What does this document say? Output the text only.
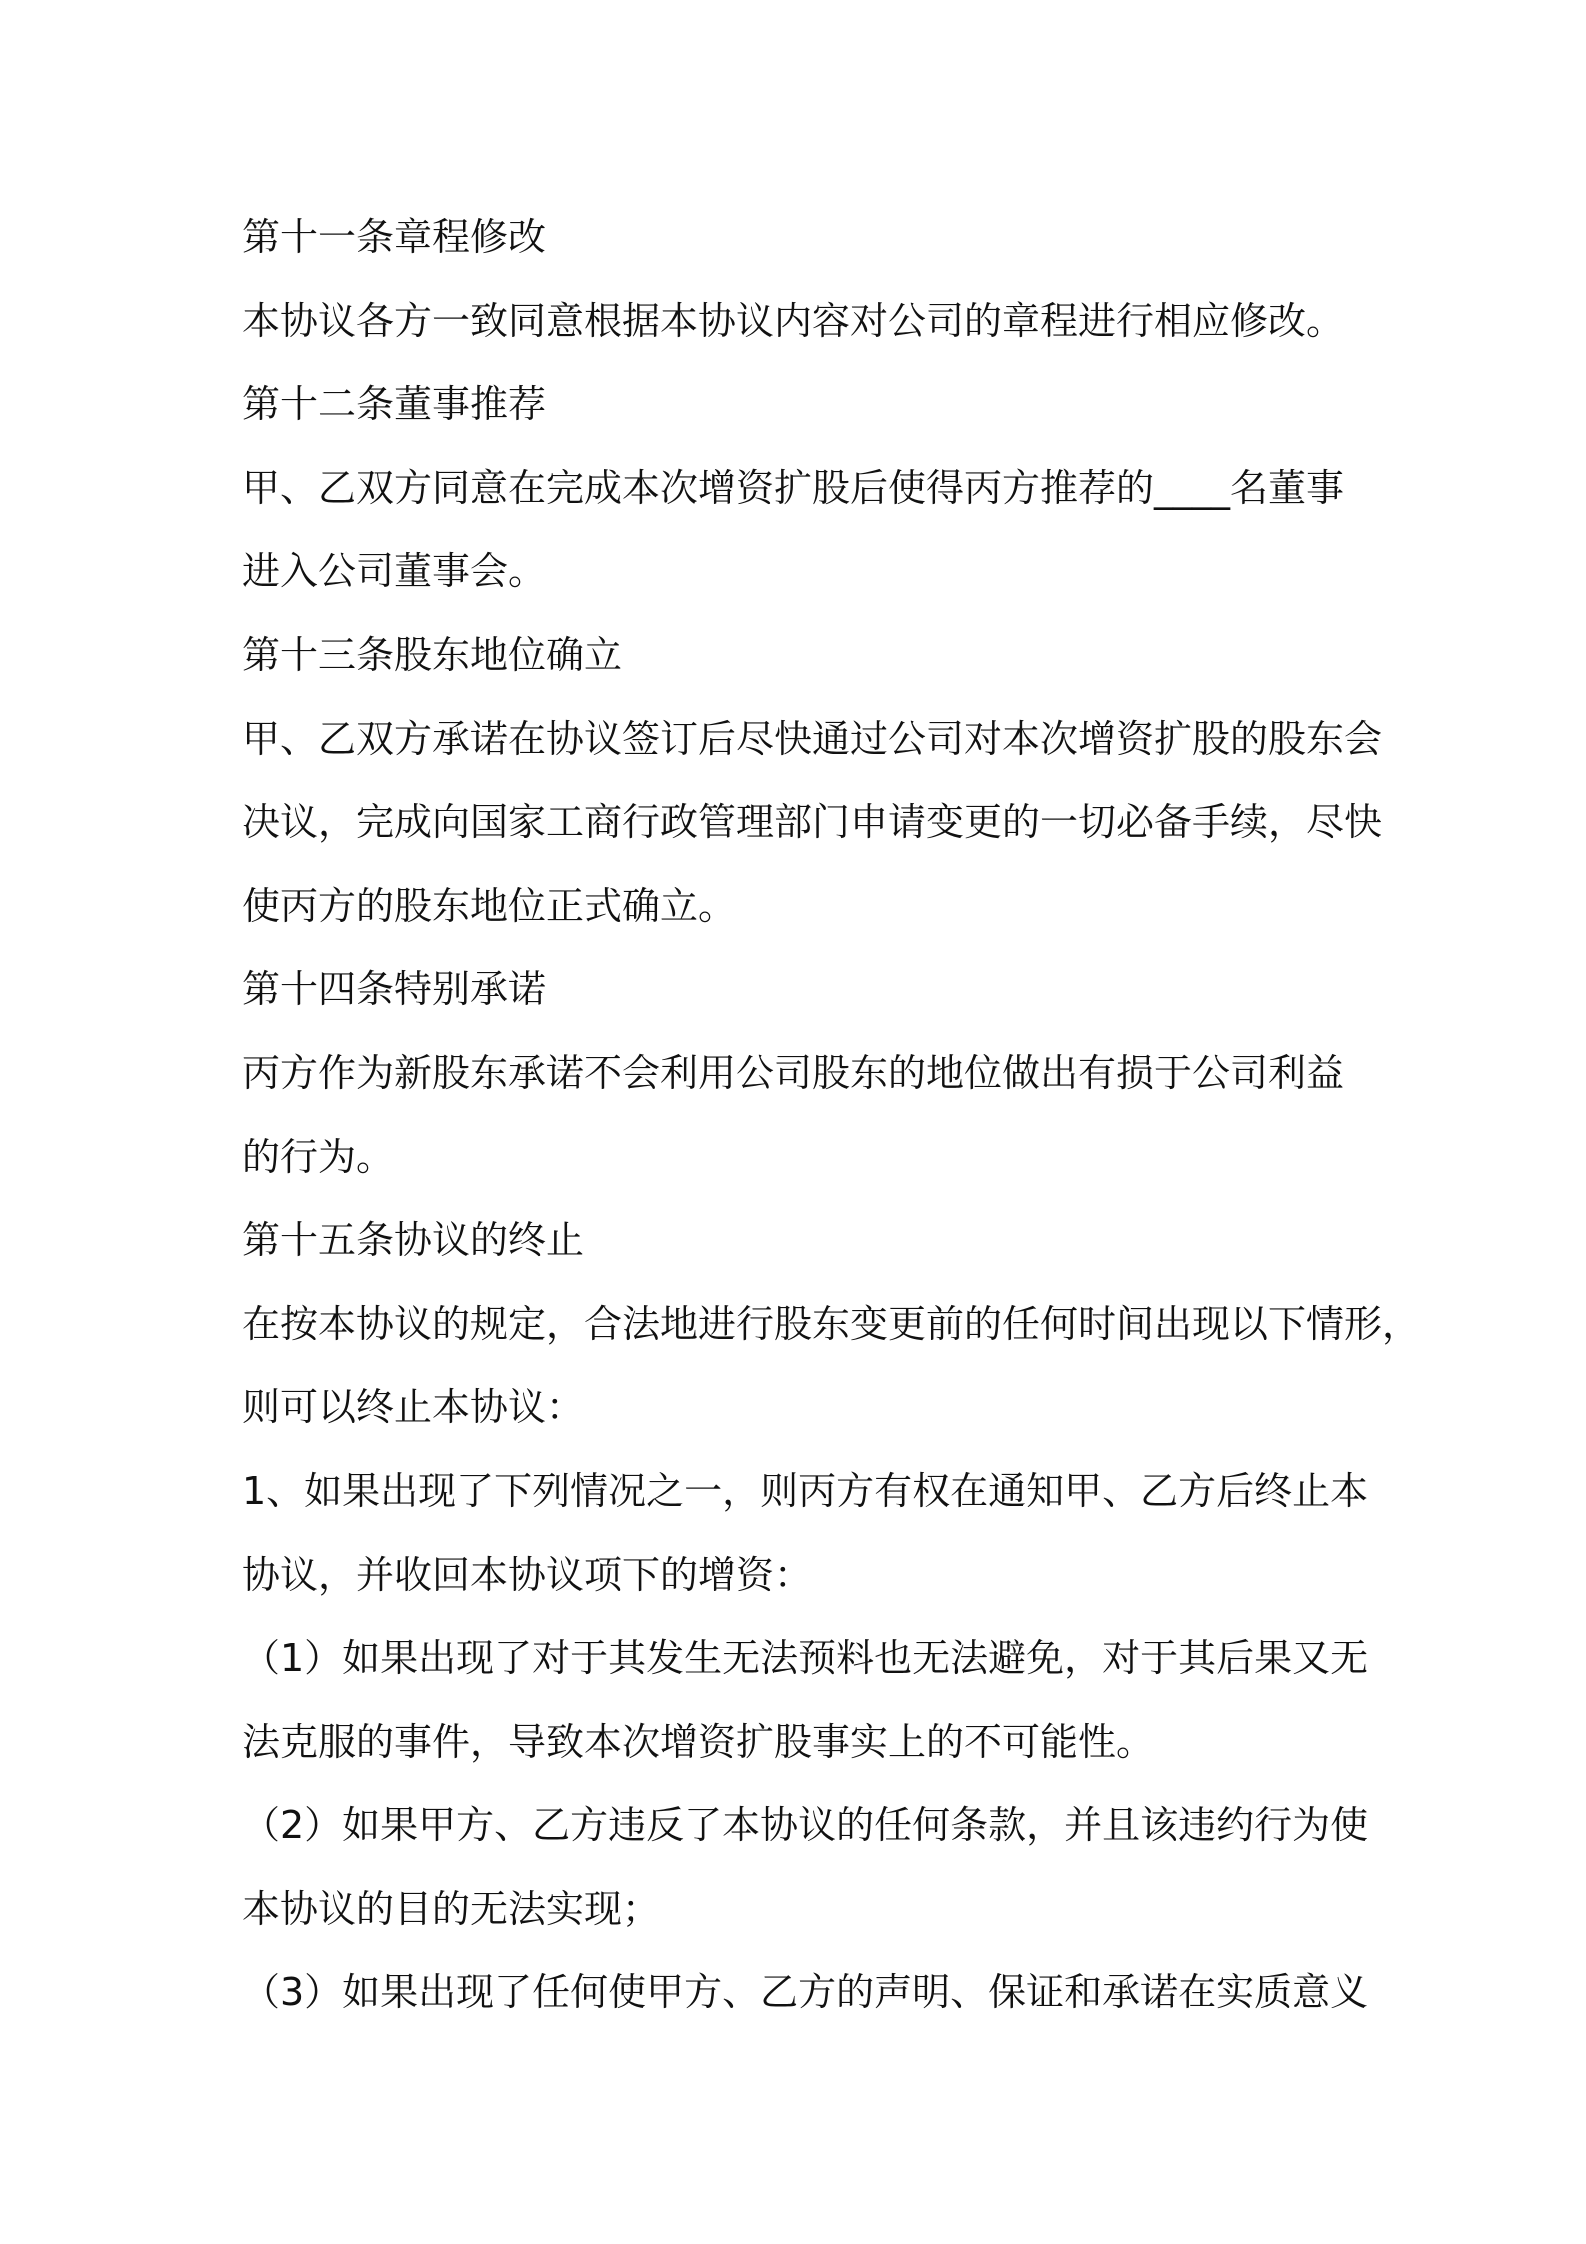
第十一条章程修改
本协议各方一致同意根据本协议内容对公司的章程进行相应修改。
第十二条董事推荐
甲、乙双方同意在完成本次增资扩股后使得丙方推荐的____名董事
进入公司董事会。
第十三条股东地位确立
甲、乙双方承诺在协议签订后尽快通过公司对本次增资扩股的股东会
决议，完成向国家工商行政管理部门申请变更的一切必备手续，尽快
使丙方的股东地位正式确立。
第十四条特别承诺
丙方作为新股东承诺不会利用公司股东的地位做出有损于公司利益
的行为。
第十五条协议的终止
在按本协议的规定，合法地进行股东变更前的任何时间出现以下情形，
则可以终止本协议：
1、如果出现了下列情况之一，则丙方有权在通知甲、乙方后终止本
协议，并收回本协议项下的增资：
（1）如果出现了对于其发生无法预料也无法避免，对于其后果又无
法克服的事件，导致本次增资扩股事实上的不可能性。
（2）如果甲方、乙方违反了本协议的任何条款，并且该违约行为使
本协议的目的无法实现；
（3）如果出现了任何使甲方、乙方的声明、保证和承诺在实质意义
